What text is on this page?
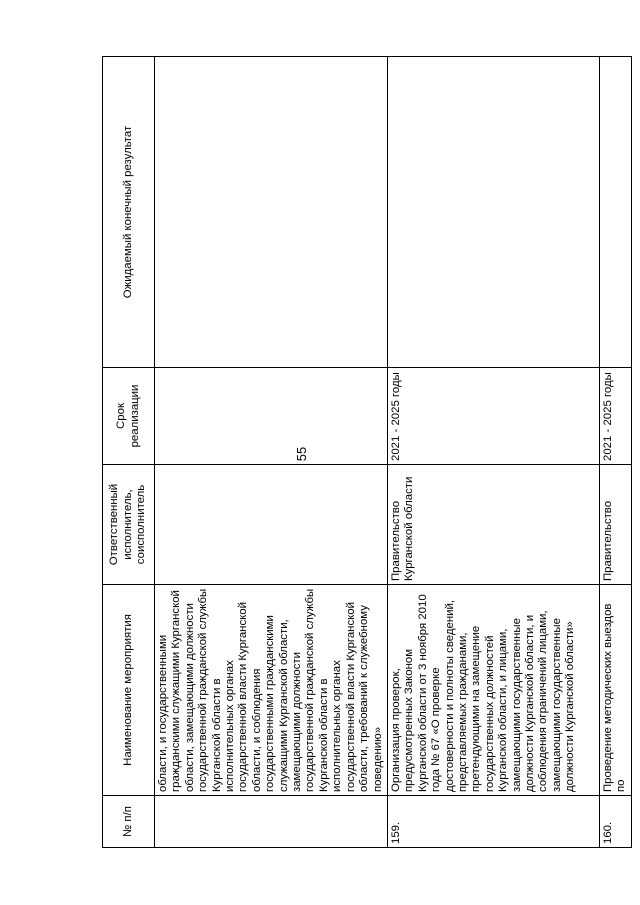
55
№ п/п	Наименование мероприятия	Ответственный исполнитель, соисполнитель	Срок реализации	Ожидаемый конечный результат
	области, и государственными гражданскими служащими Курганской области, замещающими должности государственной гражданской службы Курганской области в исполнительных органах государственной власти Курганской области, и соблюдения государственными гражданскими служащими Курганской области, замещающими должности государственной гражданской службы Курганской области в исполнительных органах государственной власти Курганской области, требований к служебному поведению»			
159.	Организация проверок, предусмотренных Законом Курганской области от 3 ноября 2010 года № 67 «О проверке достоверности и полноты сведений, представляемых гражданами, претендующими на замещение государственных должностей Курганской области, и лицами, замещающими государственные должности Курганской области, и соблюдения ограничений лицами, замещающими государственные должности Курганской области»	Правительство Курганской области	2021 - 2025 годы	
160.	Проведение методических выездов по	Правительство	2021 - 2025 годы	
